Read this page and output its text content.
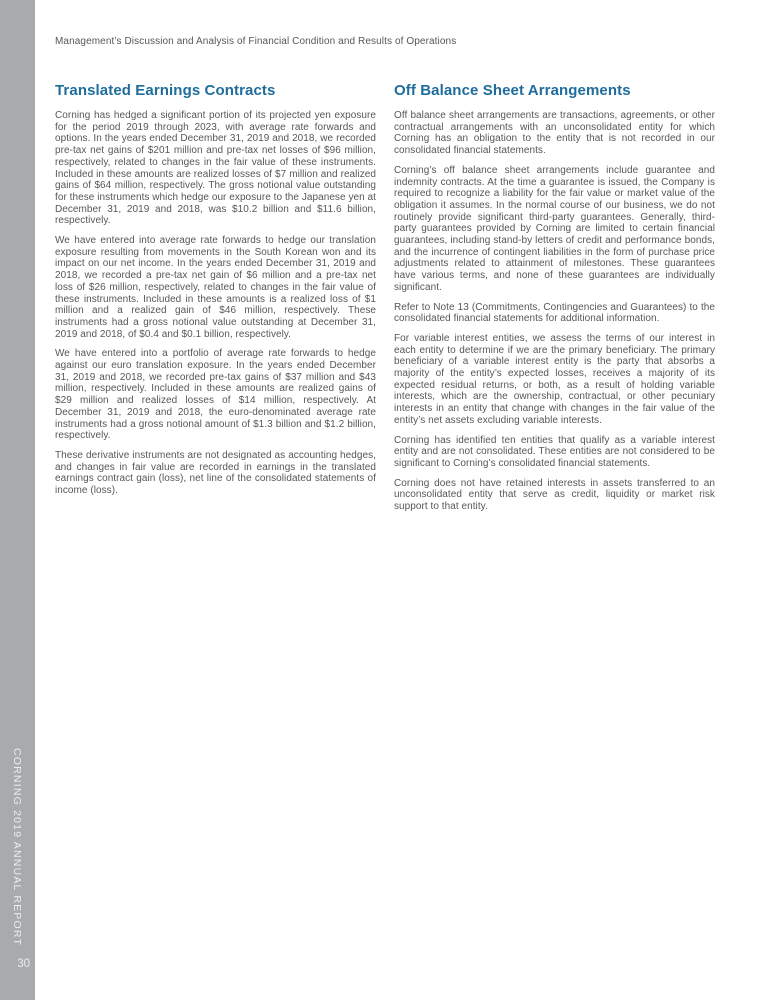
CORNING 2019 ANNUAL REPORT
30
Management’s Discussion and Analysis of Financial Condition and Results of Operations
Translated Earnings Contracts

Corning has hedged a significant portion of its projected yen exposure for the period 2019 through 2023, with average rate forwards and options. In the years ended December 31, 2019 and 2018, we recorded pre-tax net gains of $201 million and pre-tax net losses of $96 million, respectively, related to changes in the fair value of these instruments. Included in these amounts are realized losses of $7 million and realized gains of $64 million, respectively. The gross notional value outstanding for these instruments which hedge our exposure to the Japanese yen at December 31, 2019 and 2018, was $10.2 billion and $11.6 billion, respectively.

We have entered into average rate forwards to hedge our translation exposure resulting from movements in the South Korean won and its impact on our net income. In the years ended December 31, 2019 and 2018, we recorded a pre-tax net gain of $6 million and a pre-tax net loss of $26 million, respectively, related to changes in the fair value of these instruments. Included in these amounts is a realized loss of $1 million and a realized gain of $46 million, respectively. These instruments had a gross notional value outstanding at December 31, 2019 and 2018, of $0.4 and $0.1 billion, respectively.

We have entered into a portfolio of average rate forwards to hedge against our euro translation exposure. In the years ended December 31, 2019 and 2018, we recorded pre-tax gains of $37 million and $43 million, respectively. Included in these amounts are realized gains of $29 million and realized losses of $14 million, respectively. At December 31, 2019 and 2018, the euro-denominated average rate instruments had a gross notional amount of $1.3 billion and $1.2 billion, respectively.

These derivative instruments are not designated as accounting hedges, and changes in fair value are recorded in earnings in the translated earnings contract gain (loss), net line of the consolidated statements of income (loss).

Off Balance Sheet Arrangements

Off balance sheet arrangements are transactions, agreements, or other contractual arrangements with an unconsolidated entity for which Corning has an obligation to the entity that is not recorded in our consolidated financial statements.

Corning’s off balance sheet arrangements include guarantee and indemnity contracts. At the time a guarantee is issued, the Company is required to recognize a liability for the fair value or market value of the obligation it assumes. In the normal course of our business, we do not routinely provide significant third-party guarantees. Generally, third-party guarantees provided by Corning are limited to certain financial guarantees, including stand-by letters of credit and performance bonds, and the incurrence of contingent liabilities in the form of purchase price adjustments related to attainment of milestones. These guarantees have various terms, and none of these guarantees are individually significant.

Refer to Note 13 (Commitments, Contingencies and Guarantees) to the consolidated financial statements for additional information.

For variable interest entities, we assess the terms of our interest in each entity to determine if we are the primary beneficiary. The primary beneficiary of a variable interest entity is the party that absorbs a majority of the entity’s expected losses, receives a majority of its expected residual returns, or both, as a result of holding variable interests, which are the ownership, contractual, or other pecuniary interests in an entity that change with changes in the fair value of the entity’s net assets excluding variable interests.

Corning has identified ten entities that qualify as a variable interest entity and are not consolidated. These entities are not considered to be significant to Corning’s consolidated financial statements.

Corning does not have retained interests in assets transferred to an unconsolidated entity that serve as credit, liquidity or market risk support to that entity.
